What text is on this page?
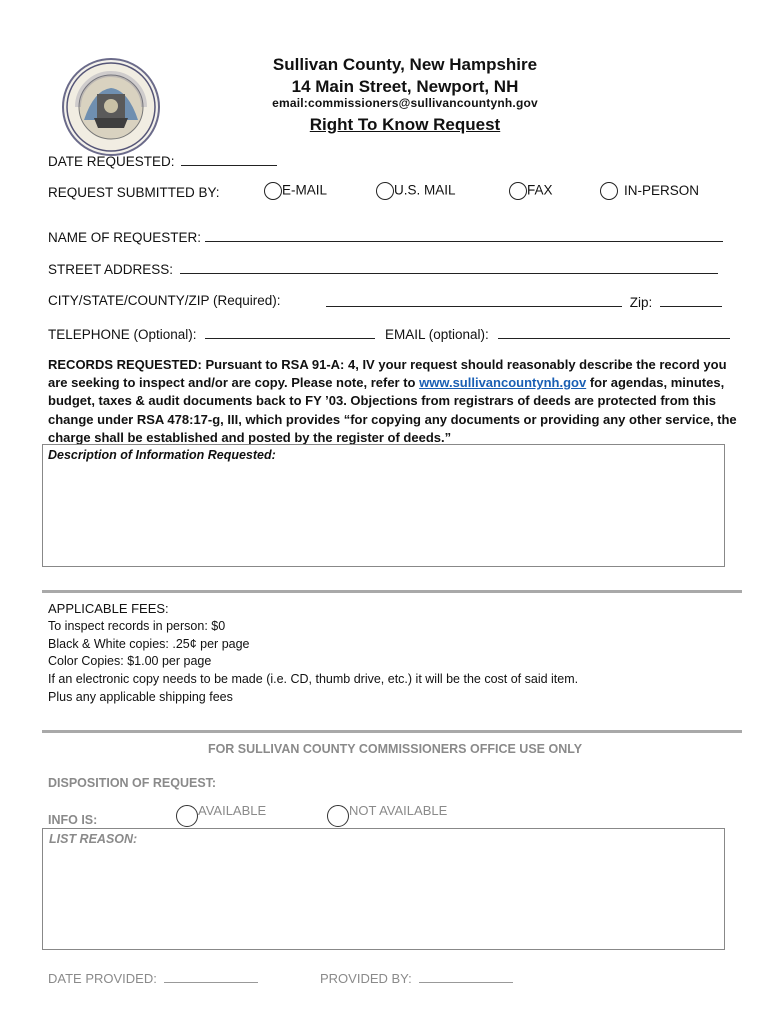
Sullivan County, New Hampshire
14 Main Street, Newport, NH
email:commissioners@sullivancountynh.gov
Right To Know Request
DATE REQUESTED:
REQUEST SUBMITTED BY:	E-MAIL	U.S. MAIL	FAX	IN-PERSON
NAME OF REQUESTER:
STREET ADDRESS:
CITY/STATE/COUNTY/ZIP (Required):	Zip:
TELEPHONE (Optional):	EMAIL (optional):
RECORDS REQUESTED: Pursuant to RSA 91-A: 4, IV your request should reasonably describe the record you are seeking to inspect and/or are copy. Please note, refer to www.sullivancountynh.gov for agendas, minutes, budget, taxes & audit documents back to FY ’03. Objections from registrars of deeds are protected from this change under RSA 478:17-g, III, which provides “for copying any documents or providing any other service, the charge shall be established and posted by the register of deeds.”
Description of Information Requested:
APPLICABLE FEES:
To inspect records in person: $0
Black & White copies: .25¢ per page
Color Copies: $1.00 per page
If an electronic copy needs to be made (i.e. CD, thumb drive, etc.) it will be the cost of said item.
Plus any applicable shipping fees
FOR SULLIVAN COUNTY COMMISSIONERS OFFICE USE ONLY
DISPOSITION OF REQUEST:
INFO IS:
AVAILABLE	NOT AVAILABLE
LIST REASON:
DATE PROVIDED:	PROVIDED BY:
